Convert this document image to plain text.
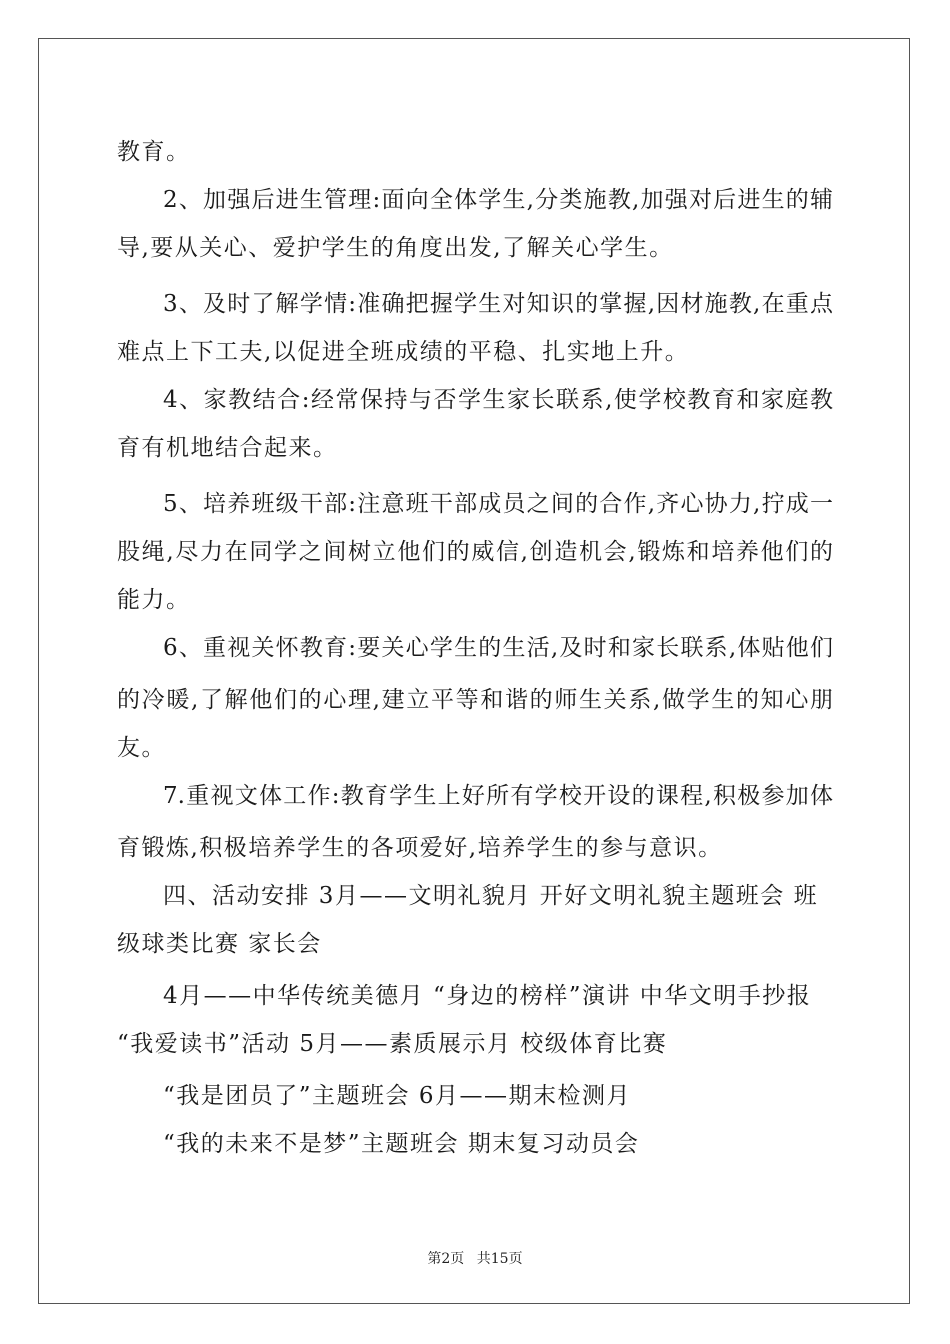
教育。
2、加强后进生管理:面向全体学生,分类施教,加强对后进生的辅
导,要从关心、爱护学生的角度出发,了解关心学生。
3、及时了解学情:准确把握学生对知识的掌握,因材施教,在重点
难点上下工夫,以促进全班成绩的平稳、扎实地上升。
4、家教结合:经常保持与否学生家长联系,使学校教育和家庭教
育有机地结合起来。
5、培养班级干部:注意班干部成员之间的合作,齐心协力,拧成一
股绳,尽力在同学之间树立他们的威信,创造机会,锻炼和培养他们的
能力。
6、重视关怀教育:要关心学生的生活,及时和家长联系,体贴他们
的冷暖,了解他们的心理,建立平等和谐的师生关系,做学生的知心朋
友。
7.重视文体工作:教育学生上好所有学校开设的课程,积极参加体
育锻炼,积极培养学生的各项爱好,培养学生的参与意识。
四、活动安排 3月——文明礼貌月 开好文明礼貌主题班会 班
级球类比赛 家长会
4月——中华传统美德月 “身边的榜样”演讲 中华文明手抄报
“我爱读书”活动 5月——素质展示月 校级体育比赛
“我是团员了”主题班会 6月——期末检测月
“我的未来不是梦”主题班会 期末复习动员会
第2页 共15页
